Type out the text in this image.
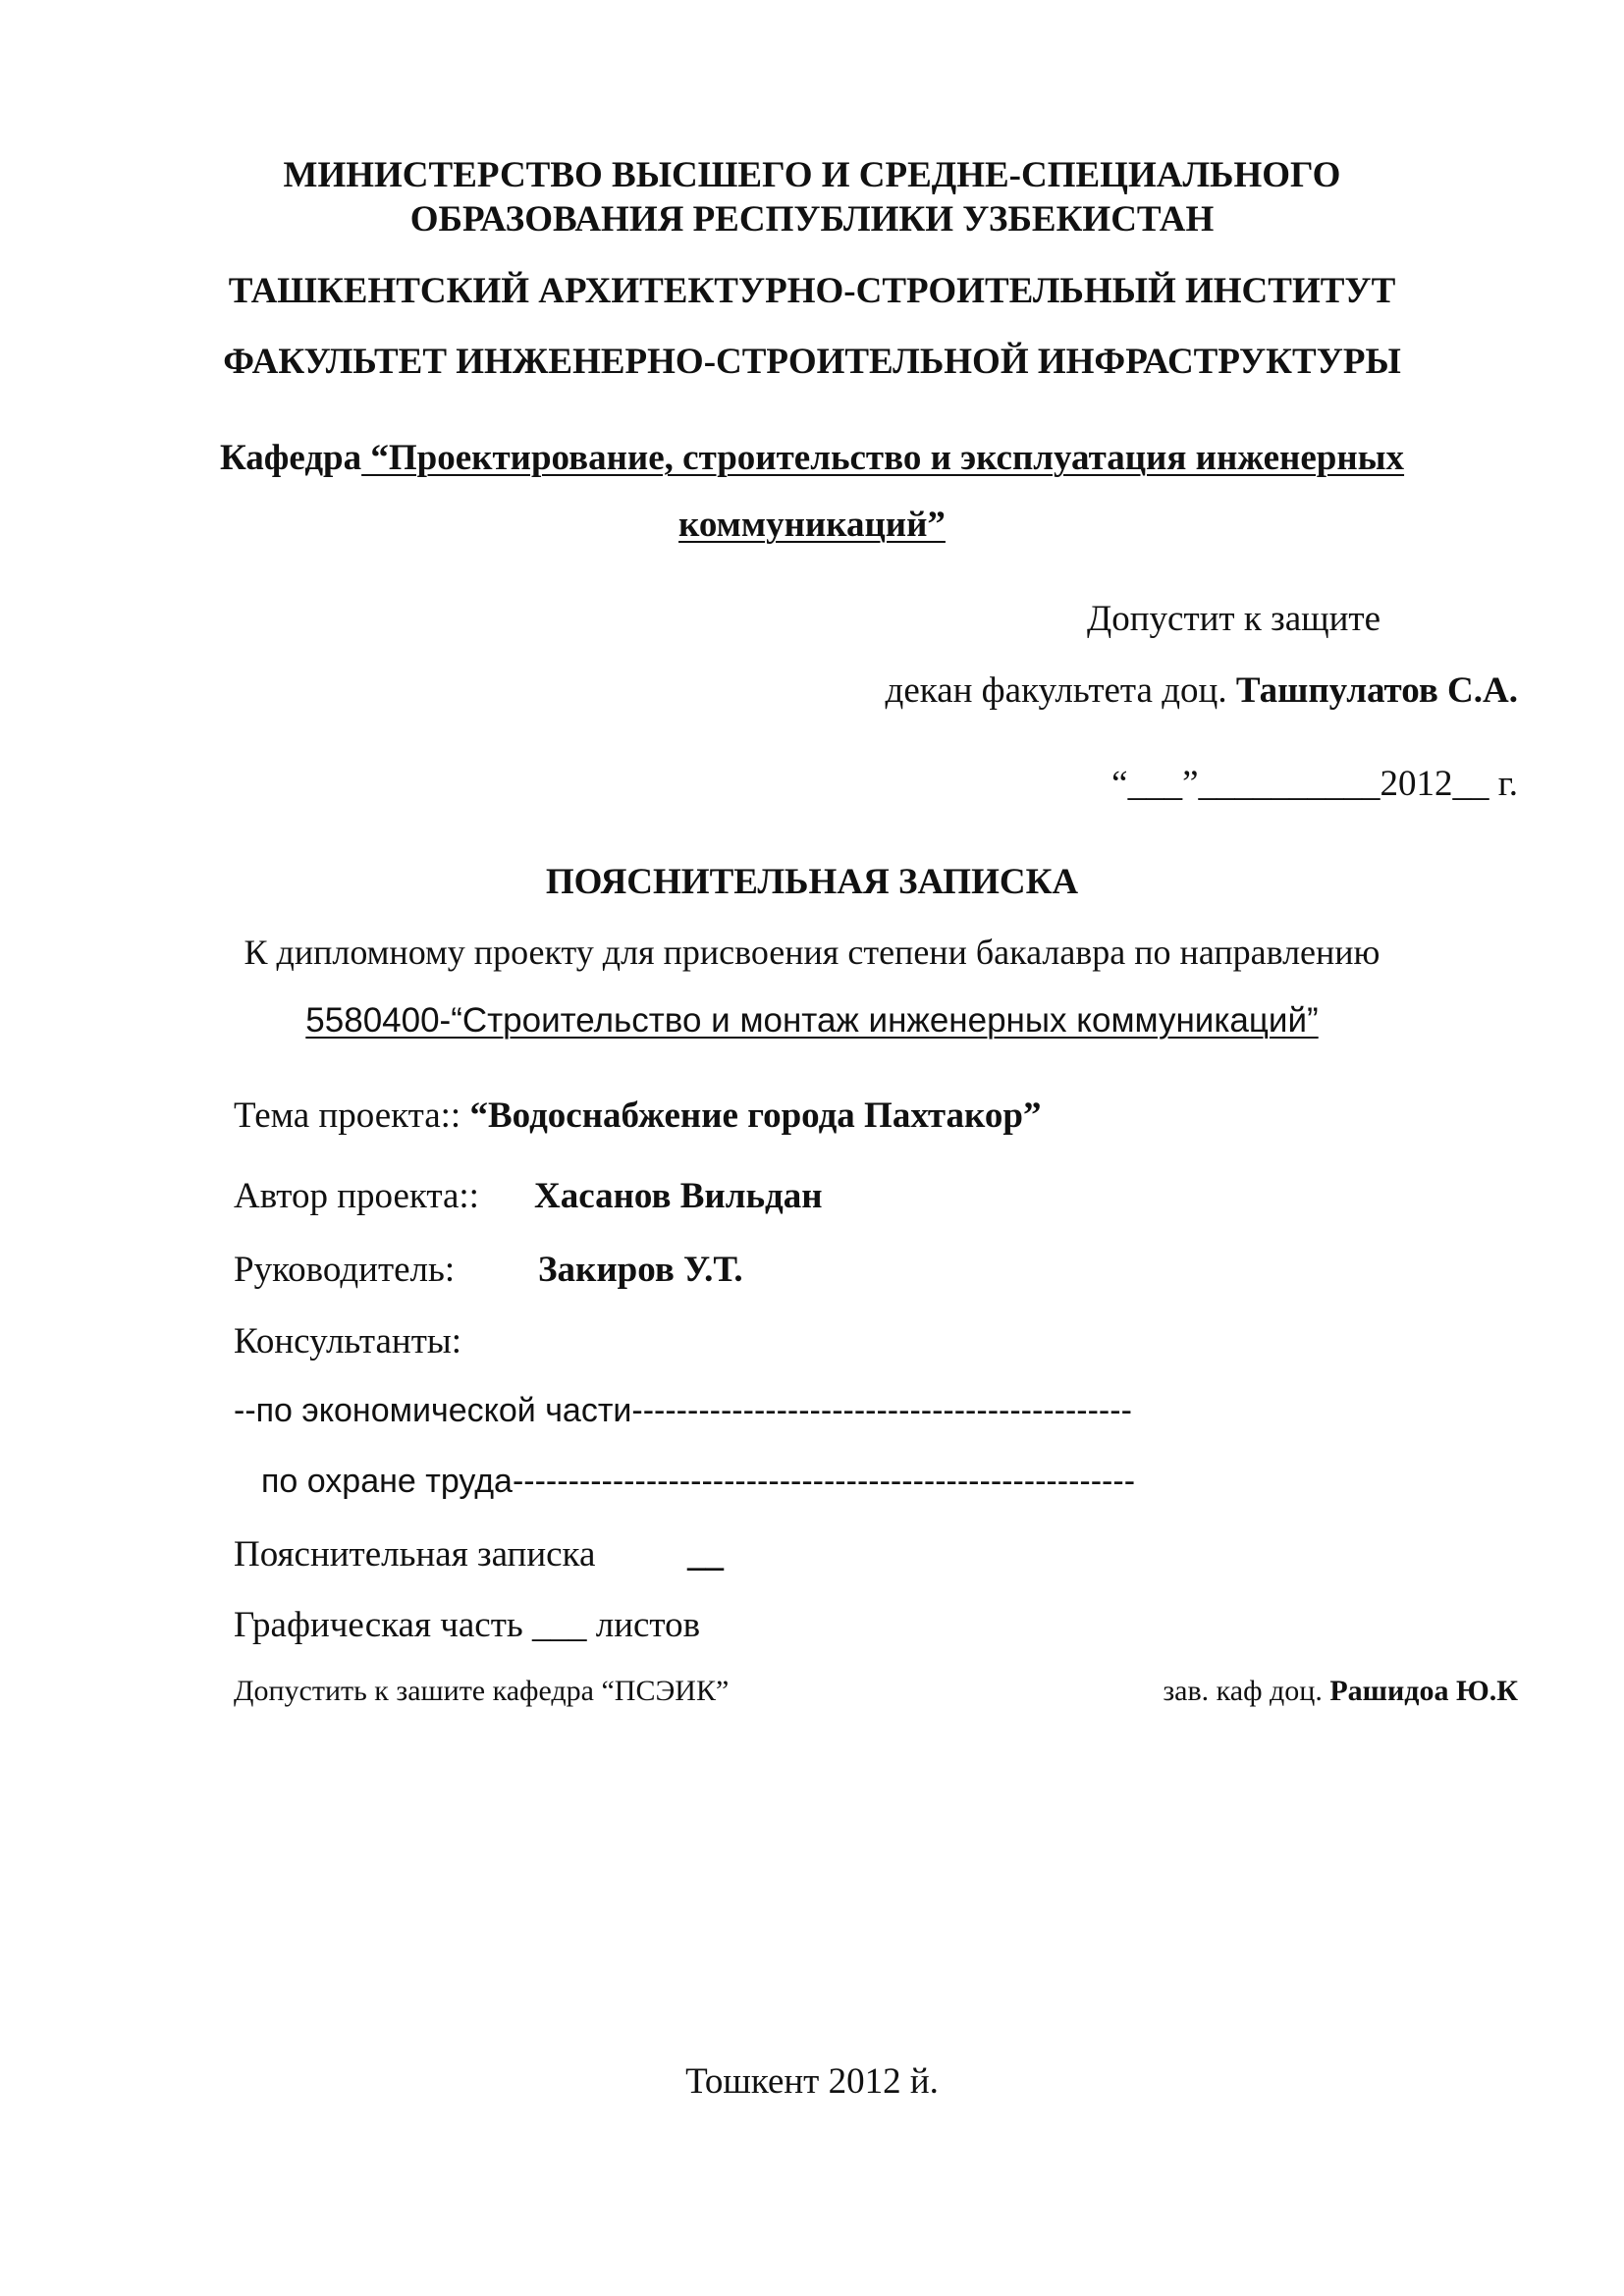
МИНИСТЕРСТВО ВЫСШЕГО И СРЕДНЕ-СПЕЦИАЛЬНОГО
ОБРАЗОВАНИЯ РЕСПУБЛИКИ УЗБЕКИСТАН
ТАШКЕНТСКИЙ АРХИТЕКТУРНО-СТРОИТЕЛЬНЫЙ ИНСТИТУТ
ФАКУЛЬТЕТ ИНЖЕНЕРНО-СТРОИТЕЛЬНОЙ ИНФРАСТРУКТУРЫ
Кафедра “Проектирование, строительство и эксплуатация инженерных
коммуникаций”
Допустит к защите
декан факультета доц. Ташпулатов С.А.
“___”__________2012__ г.
ПОЯСНИТЕЛЬНАЯ ЗАПИСКА
К дипломному проекту для присвоения степени бакалавра по направлению
5580400-“Строительство и монтаж инженерных коммуникаций”
Тема проекта:: “Водоснабжение города Пахтакор”
Автор проекта:: Хасанов Вильдан
Руководитель: Закиров У.Т.
Консультанты:
--по экономической части---------------------------------------------
по охране труда--------------------------------------------------------
Пояснительная записка	__
Графическая часть ___ листов
Допустить к зашите кафедра “ПСЭИК”	зав. каф доц. Рашидоа Ю.К
Тошкент 2012 й.
